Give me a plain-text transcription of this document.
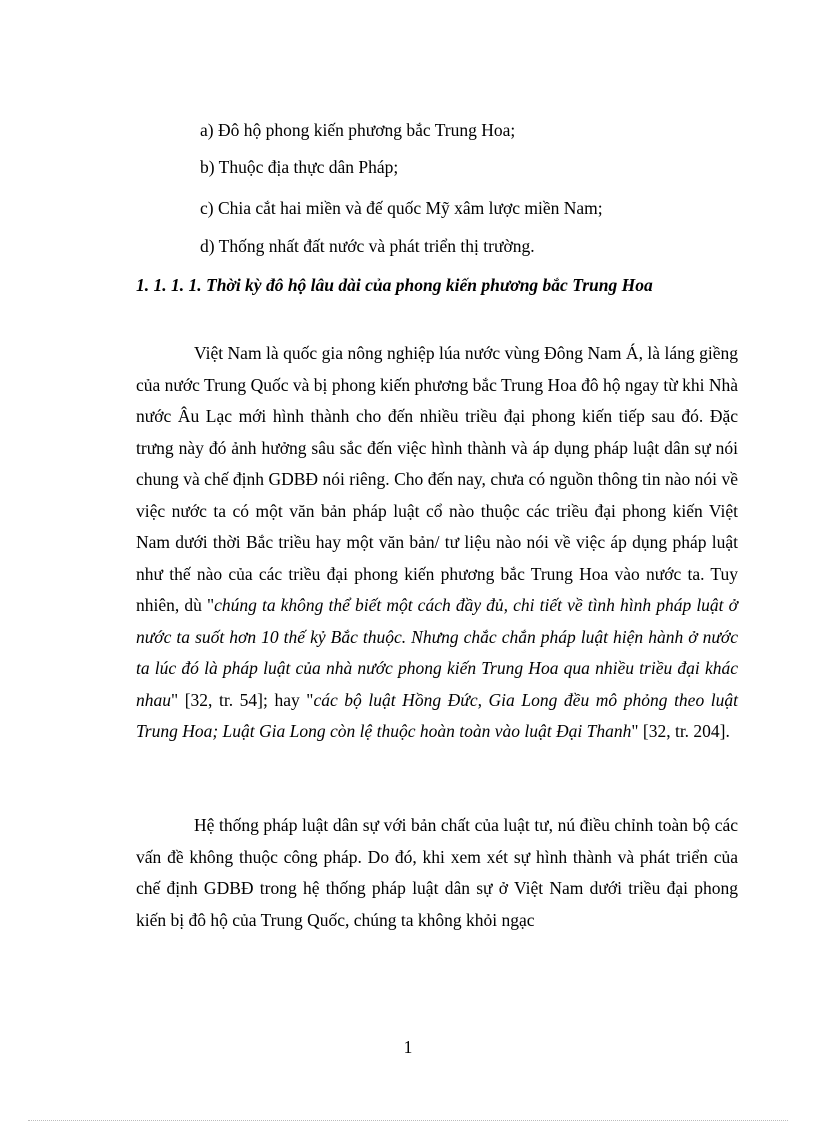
a) Đô hộ phong kiến phương bắc Trung Hoa;
b) Thuộc địa thực dân Pháp;
c) Chia cắt hai miền và đế quốc Mỹ xâm lược miền Nam;
d) Thống nhất đất nước và phát triển thị trường.
1. 1. 1. 1. Thời kỳ đô hộ lâu dài của phong kiến phương bắc Trung Hoa

Việt Nam là quốc gia nông nghiệp lúa nước vùng Đông Nam Á, là láng giềng của nước Trung Quốc và bị phong kiến phương bắc Trung Hoa đô hộ ngay từ khi Nhà nước Âu Lạc mới hình thành cho đến nhiều triều đại phong kiến tiếp sau đó. Đặc trưng này đó ảnh hưởng sâu sắc đến việc hình thành và áp dụng pháp luật dân sự nói chung và chế định GDBĐ nói riêng. Cho đến nay, chưa có nguồn thông tin nào nói về việc nước ta có một văn bản pháp luật cổ nào thuộc các triều đại phong kiến Việt Nam dưới thời Bắc triều hay một văn bản/ tư liệu nào nói về việc áp dụng pháp luật như thế nào của các triều đại phong kiến phương bắc Trung Hoa vào nước ta. Tuy nhiên, dù "chúng ta không thể biết một cách đầy đủ, chi tiết về tình hình pháp luật ở nước ta suốt hơn 10 thế kỷ Bắc thuộc. Nhưng chắc chắn pháp luật hiện hành ở nước ta lúc đó là pháp luật của nhà nước phong kiến Trung Hoa qua nhiều triều đại khác nhau" [32, tr. 54]; hay "các bộ luật Hồng Đức, Gia Long đều mô phỏng theo luật Trung Hoa; Luật Gia Long còn lệ thuộc hoàn toàn vào luật Đại Thanh" [32, tr. 204].

Hệ thống pháp luật dân sự với bản chất của luật tư, nú điều chỉnh toàn bộ các vấn đề không thuộc công pháp. Do đó, khi xem xét sự hình thành và phát triển của chế định GDBĐ trong hệ thống pháp luật dân sự ở Việt Nam dưới triều đại phong kiến bị đô hộ của Trung Quốc, chúng ta không khỏi ngạc

1
